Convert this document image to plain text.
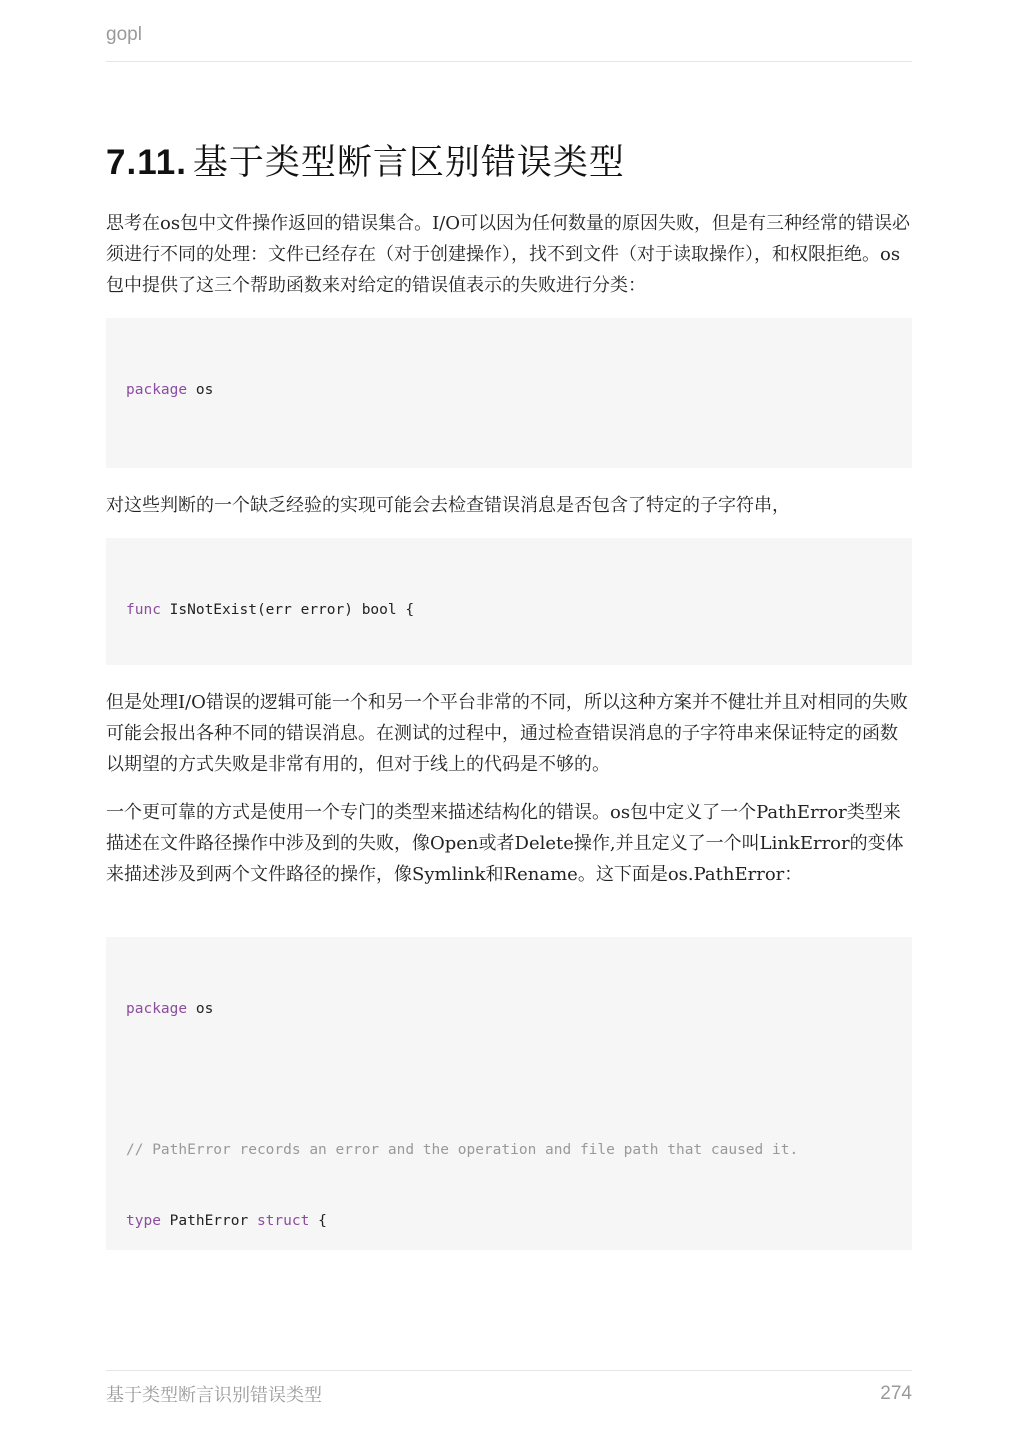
gopl
7.11. 基于类型断言区别错误类型

思考在os包中文件操作返回的错误集合。I/O可以因为任何数量的原因失败，但是有三种经常的错误必须进行不同的处理：文件已经存在（对于创建操作），找不到文件（对于读取操作），和权限拒绝。os包中提供了这三个帮助函数来对给定的错误值表示的失败进行分类：

package os

对这些判断的一个缺乏经验的实现可能会去检查错误消息是否包含了特定的子字符串，

func IsNotExist(err error) bool {

但是处理I/O错误的逻辑可能一个和另一个平台非常的不同，所以这种方案并不健壮并且对相同的失败可能会报出各种不同的错误消息。在测试的过程中，通过检查错误消息的子字符串来保证特定的函数以期望的方式失败是非常有用的，但对于线上的代码是不够的。

一个更可靠的方式是使用一个专门的类型来描述结构化的错误。os包中定义了一个PathError类型来描述在文件路径操作中涉及到的失败，像Open或者Delete操作,并且定义了一个叫LinkError的变体来描述涉及到两个文件路径的操作，像Symlink和Rename。这下面是os.PathError：

package os

// PathError records an error and the operation and file path that caused it.

type PathError struct {

基于类型断言识别错误类型	274
